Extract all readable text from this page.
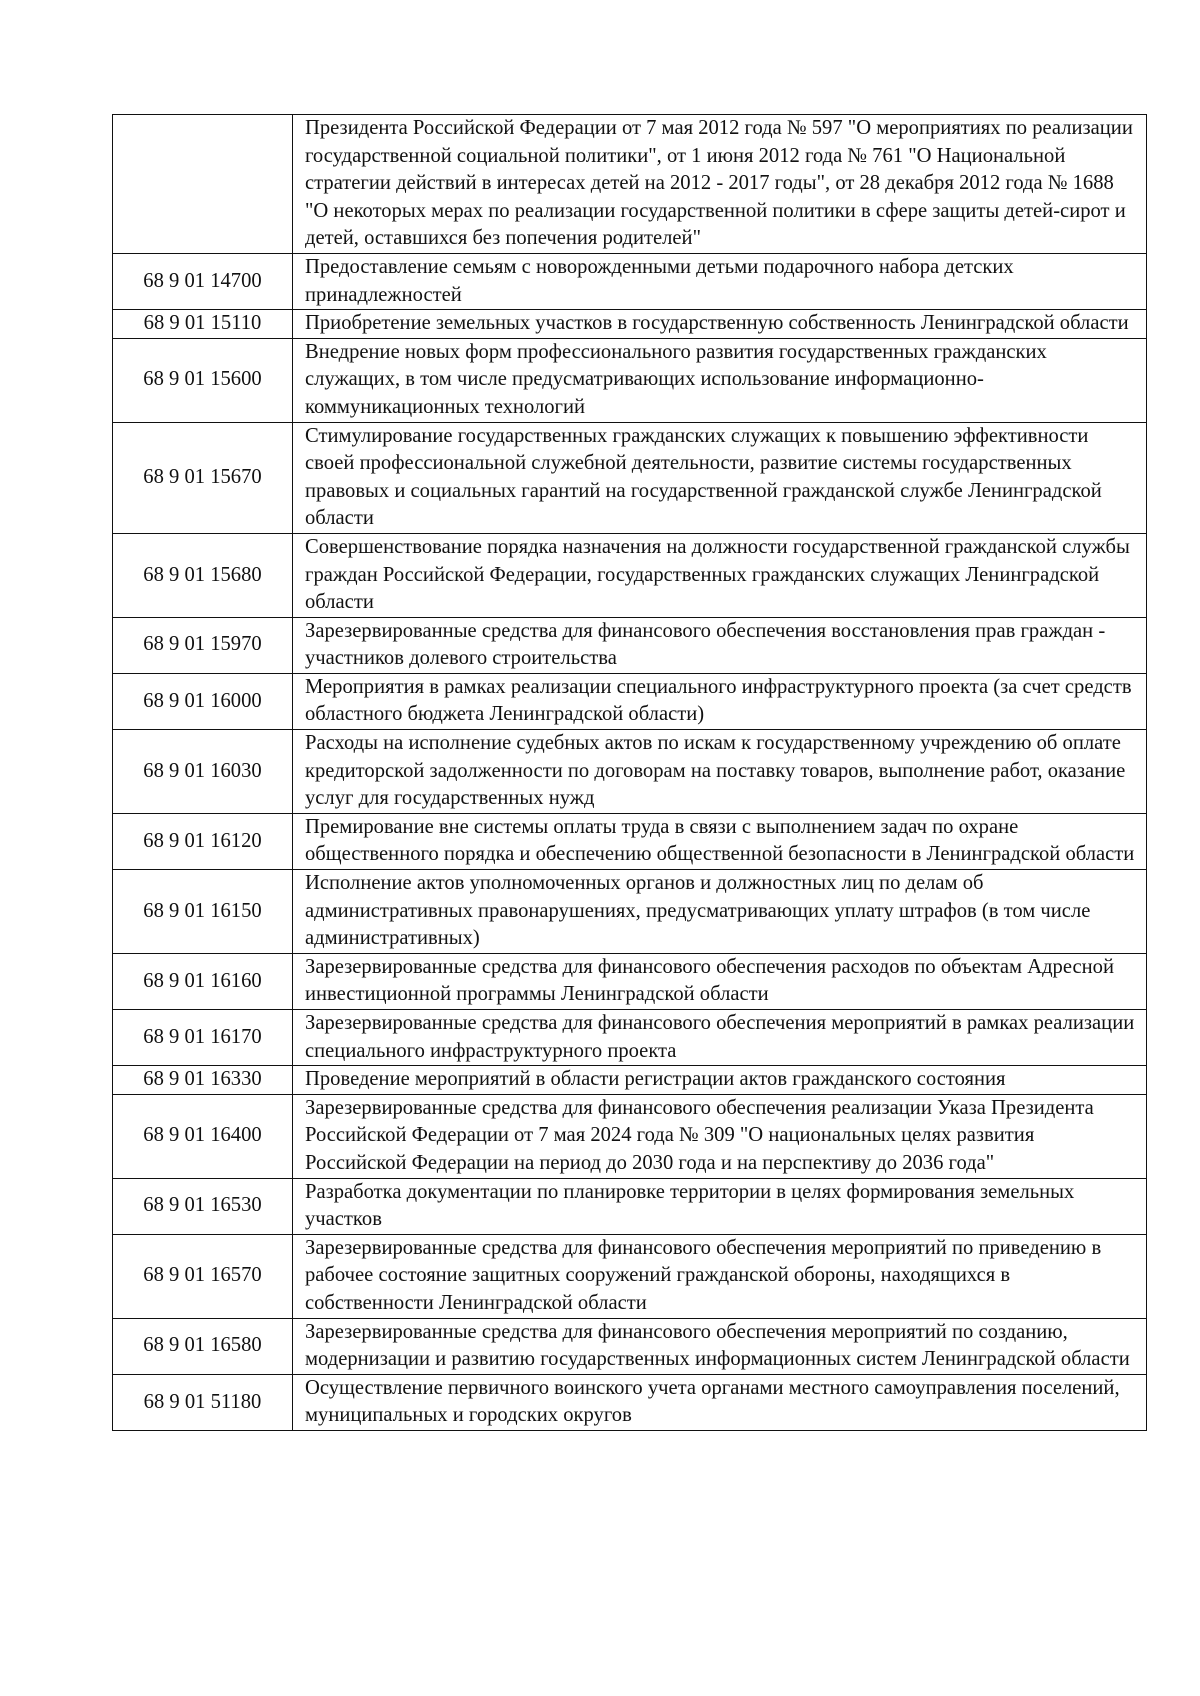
	Президента Российской Федерации от 7 мая 2012 года № 597 "О мероприятиях по реализации государственной социальной политики", от 1 июня 2012 года № 761 "О Национальной стратегии действий в интересах детей на 2012 - 2017 годы", от 28 декабря 2012 года № 1688 "О некоторых мерах по реализации государственной политики в сфере защиты детей-сирот и детей, оставшихся без попечения родителей"
68 9 01 14700	Предоставление семьям с новорожденными детьми подарочного набора детских принадлежностей
68 9 01 15110	Приобретение земельных участков в государственную собственность Ленинградской области
68 9 01 15600	Внедрение новых форм профессионального развития государственных гражданских служащих, в том числе предусматривающих использование информационно-коммуникационных технологий
68 9 01 15670	Стимулирование государственных гражданских служащих к повышению эффективности своей профессиональной служебной деятельности, развитие системы государственных правовых и социальных гарантий на государственной гражданской службе Ленинградской области
68 9 01 15680	Совершенствование порядка назначения на должности государственной гражданской службы граждан Российской Федерации, государственных гражданских служащих Ленинградской области
68 9 01 15970	Зарезервированные средства для финансового обеспечения восстановления прав граждан - участников долевого строительства
68 9 01 16000	Мероприятия в рамках реализации специального инфраструктурного проекта (за счет средств областного бюджета Ленинградской области)
68 9 01 16030	Расходы на исполнение судебных актов по искам к государственному учреждению об оплате кредиторской задолженности по договорам на поставку товаров, выполнение работ, оказание услуг для государственных нужд
68 9 01 16120	Премирование вне системы оплаты труда в связи с выполнением задач по охране общественного порядка и обеспечению общественной безопасности в Ленинградской области
68 9 01 16150	Исполнение актов уполномоченных органов и должностных лиц по делам об административных правонарушениях, предусматривающих уплату штрафов (в том числе административных)
68 9 01 16160	Зарезервированные средства для финансового обеспечения расходов по объектам Адресной инвестиционной программы Ленинградской области
68 9 01 16170	Зарезервированные средства для финансового обеспечения мероприятий в рамках реализации специального инфраструктурного проекта
68 9 01 16330	Проведение мероприятий в области регистрации актов гражданского состояния
68 9 01 16400	Зарезервированные средства для финансового обеспечения реализации Указа Президента Российской Федерации от 7 мая 2024 года № 309 "О национальных целях развития Российской Федерации на период до 2030 года и на перспективу до 2036 года"
68 9 01 16530	Разработка документации по планировке территории в целях формирования земельных участков
68 9 01 16570	Зарезервированные средства для финансового обеспечения мероприятий по приведению в рабочее состояние защитных сооружений гражданской обороны, находящихся в собственности Ленинградской области
68 9 01 16580	Зарезервированные средства для финансового обеспечения мероприятий по созданию, модернизации и развитию государственных информационных систем Ленинградской области
68 9 01 51180	Осуществление первичного воинского учета органами местного самоуправления поселений, муниципальных и городских округов
